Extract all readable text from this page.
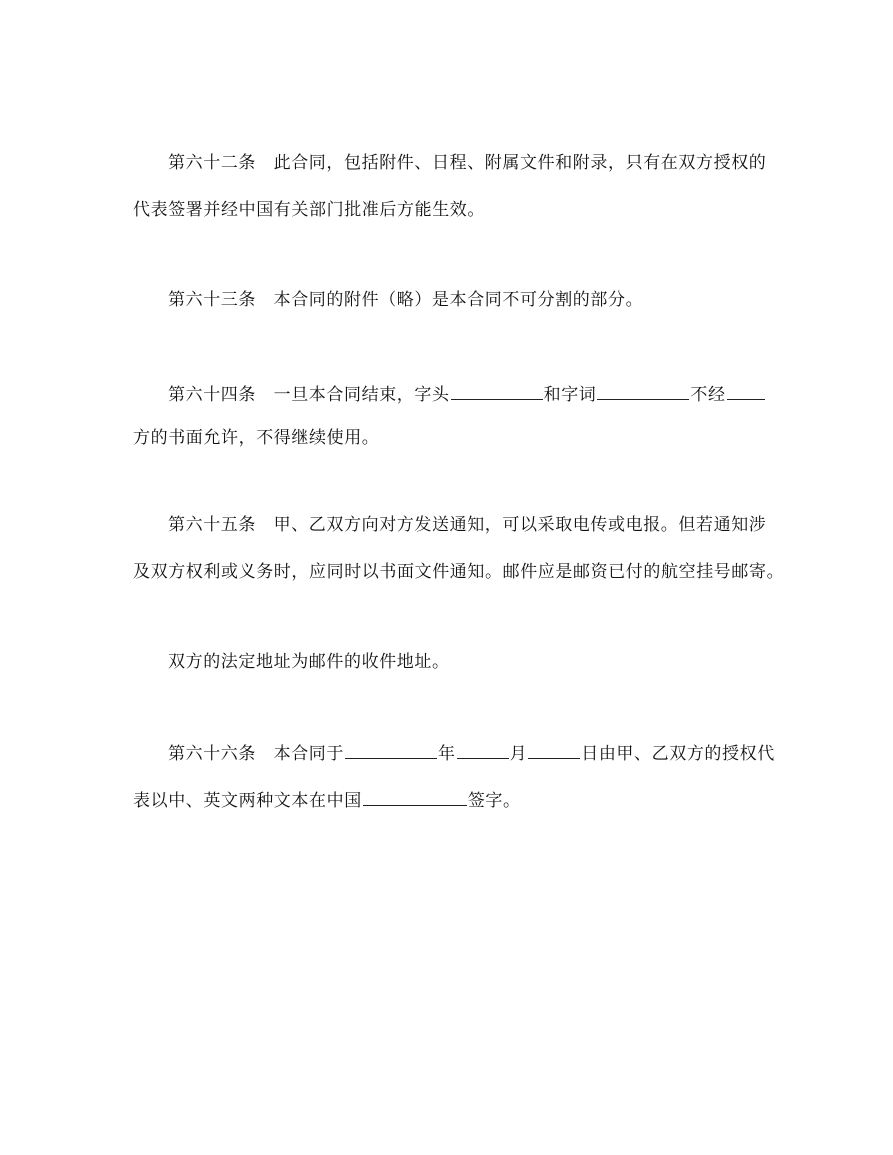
第六十二条　此合同，包括附件、日程、附属文件和附录，只有在双方授权的
代表签署并经中国有关部门批准后方能生效。
第六十三条　本合同的附件（略）是本合同不可分割的部分。
第六十四条　一旦本合同结束，字头	和字词	不经
方的书面允许，不得继续使用。
第六十五条　甲、乙双方向对方发送通知，可以采取电传或电报。但若通知涉
及双方权利或义务时，应同时以书面文件通知。邮件应是邮资已付的航空挂号邮寄。
双方的法定地址为邮件的收件地址。
第六十六条　本合同于	年	月	日由甲、乙双方的授权代
表以中、英文两种文本在中国	签字。
